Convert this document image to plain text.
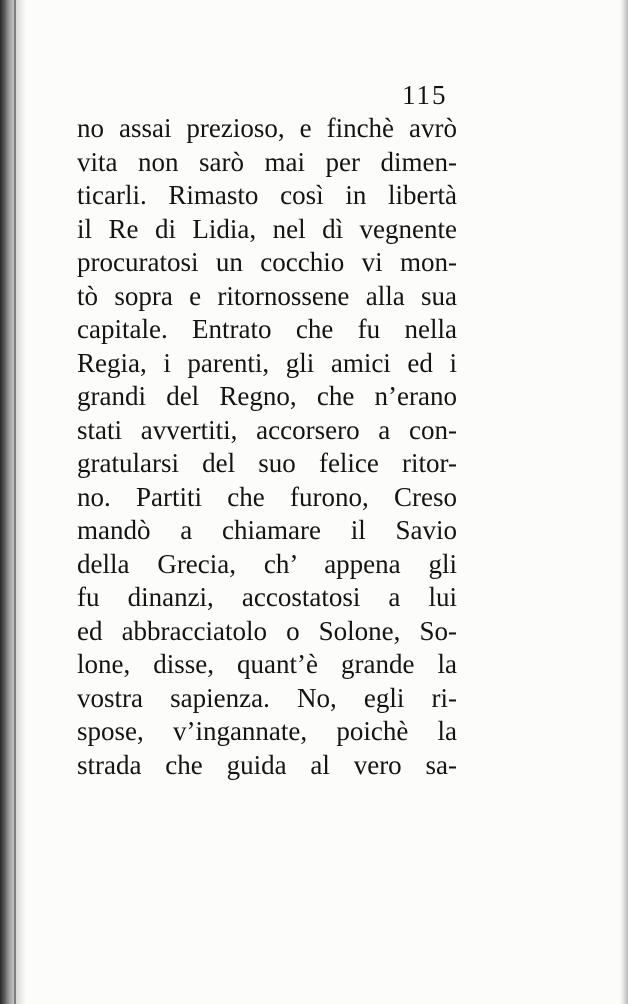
115
no assai prezioso, e finchè avrò
vita non sarò mai per dimen-
ticarli. Rimasto così in libertà
il Re di Lidia, nel dì vegnente
procuratosi un cocchio vi mon-
tò sopra e ritornossene alla sua
capitale. Entrato che fu nella
Regia, i parenti, gli amici ed i
grandi del Regno, che n’erano
stati avvertiti, accorsero a con-
gratularsi del suo felice ritor-
no. Partiti che furono, Creso
mandò a chiamare il Savio
della Grecia, ch’ appena gli
fu dinanzi, accostatosi a lui
ed abbracciatolo o Solone, So-
lone, disse, quant’è grande la
vostra sapienza. No, egli ri-
spose, v’ingannate, poichè la
strada che guida al vero sa-
